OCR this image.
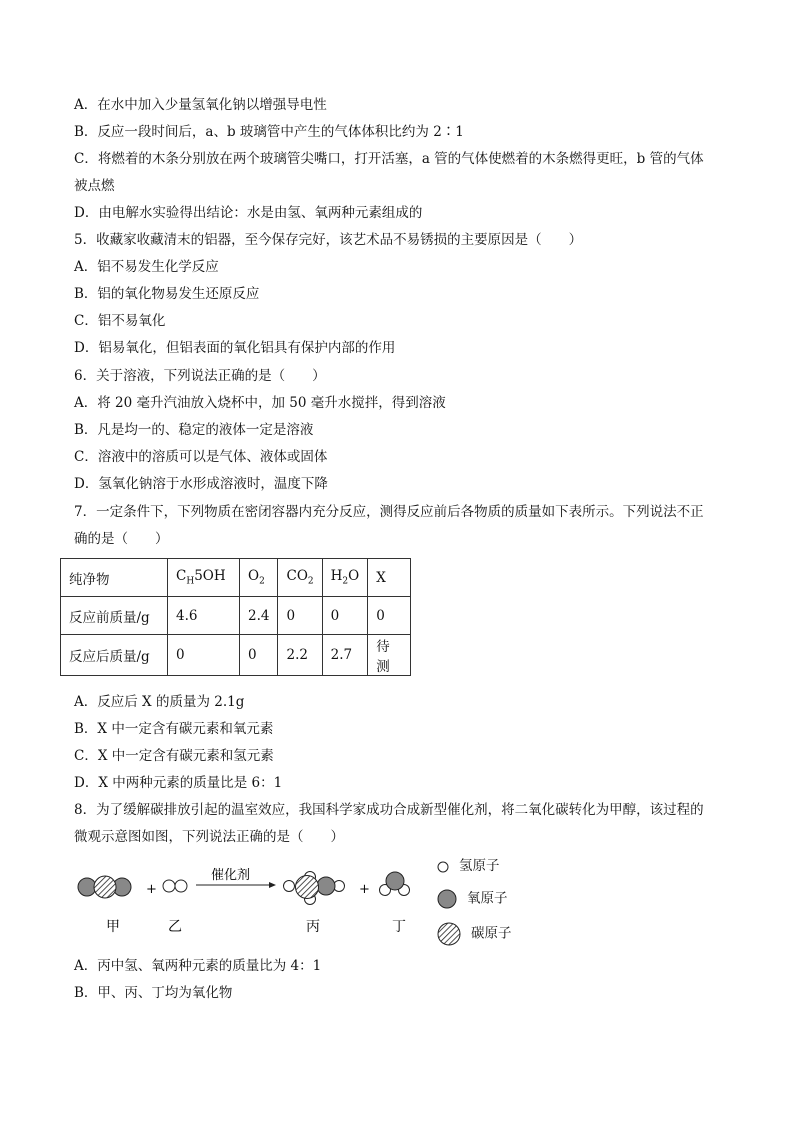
A．在水中加入少量氢氧化钠以增强导电性
B．反应一段时间后，a、b 玻璃管中产生的气体体积比约为 2∶1
C．将燃着的木条分别放在两个玻璃管尖嘴口，打开活塞，a 管的气体使燃着的木条燃得更旺，b 管的气体
被点燃
D．由电解水实验得出结论：水是由氢、氧两种元素组成的
5．收藏家收藏清末的铝器，至今保存完好，该艺术品不易锈损的主要原因是（　　）
A．铝不易发生化学反应
B．铝的氧化物易发生还原反应
C．铝不易氧化
D．铝易氧化，但铝表面的氧化铝具有保护内部的作用
6．关于溶液，下列说法正确的是（　　）
A．将 20 毫升汽油放入烧杯中，加 50 毫升水搅拌，得到溶液
B．凡是均一的、稳定的液体一定是溶液
C．溶液中的溶质可以是气体、液体或固体
D．氢氧化钠溶于水形成溶液时，温度下降
7．一定条件下，下列物质在密闭容器内充分反应，测得反应前后各物质的质量如下表所示。下列说法不正
确的是（　　）
纯净物	$C_H5OH$	$O_2$	$CO_2$	$H_2O$	X
反应前质量/g	4.6	2.4	0	0	0
反应后质量/g	0	0	2.2	2.7	待测
A．反应后 X 的质量为 2.1g
B．X 中一定含有碳元素和氧元素
C．X 中一定含有碳元素和氢元素
D．X 中两种元素的质量比是 6：1
8．为了缓解碳排放引起的温室效应，我国科学家成功合成新型催化剂，将二氧化碳转化为甲醇，该过程的
微观示意图如图，下列说法正确的是（　　）
+
催化剂
+
甲	乙	丙	丁
氢原子
氧原子
碳原子
A．丙中氢、氧两种元素的质量比为 4：1
B．甲、丙、丁均为氧化物
